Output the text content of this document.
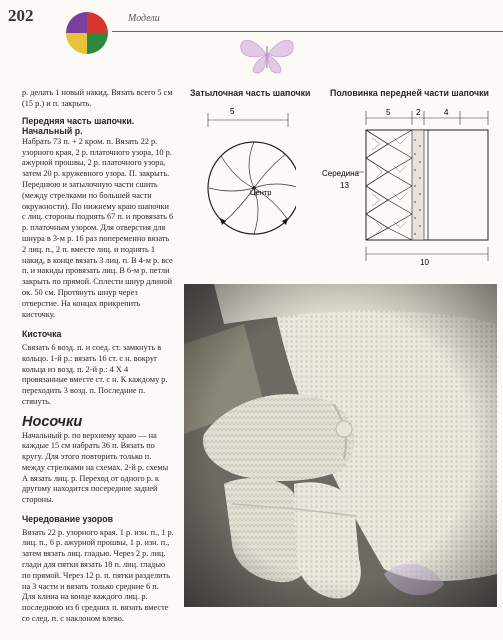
202	Модели

р. делать 1 новый накид. Вязать всего 5 см (15 р.) и п. закрыть.

Передняя часть шапочки.

Начальный р.

Набрать 73 п. + 2 кром. п. Вязать 22 р. узорного края, 2 р. платочного узора, 10 р. ажурной прошвы, 2 р. платочного узора, затем 20 р. кружевного узора. П. закрыть. Переднюю и затылочную части сшить (между стрелками по большей части окружности). По нижнему краю шапочки с лиц. стороны поднять 67 п. и провязать 6 р. платочным узором. Для отверстия для шнура в 3-м р. 16 раз попеременно вязать 2 лиц. п., 2 п. вместе лиц. и поднять 1 накид, в конце вязать 3 лиц. п. В 4-м р. все п. и накиды провязать лиц. В 6-м р. петли закрыть по прямой. Сплести шнур длиной ок. 50 см. Протянуть шнур через отверстие. На концах прикрепить кисточку.

Кисточка

Связать 6 возд. п. и соед. ст. замкнуть в кольцо. 1-й р.: вязать 16 ст. с н. вокруг кольца из возд. п. 2-й р.: 4 Х 4 провязанные вместе ст. с н. К каждому р. переходить 3 возд. п. Последние п. стянуть.

Носочки

Начальный р. по верхнему краю — на каждые 15 см набрать 36 п. Вязать по кругу. Для этого повторить только п. между стрелками на схемах. 2-й р. схемы А вязать лиц. р. Переход от одного р. к другому находится посередине задней стороны.

Чередование узоров

Вязать 22 р. узорного края. 1 р. изн. п., 1 р. лиц. п., 6 р. ажурной прошвы, 1 р. изн. п., затем вязать лиц. гладью. Через 2 р. лиц. глади для пятки вязать 18 п. лиц. гладью по прямой. Через 12 р. п. пятки разделить на 3 части и вязать только средние 6 п. Для клина на конце каждого лиц. р. последнюю из 6 средних п. вязать вместе со след. п. с наклоном влево.

Затылочная часть шапочки Половинка передней части шапочки
5
Центр
5	2	4
Середина
13
10
